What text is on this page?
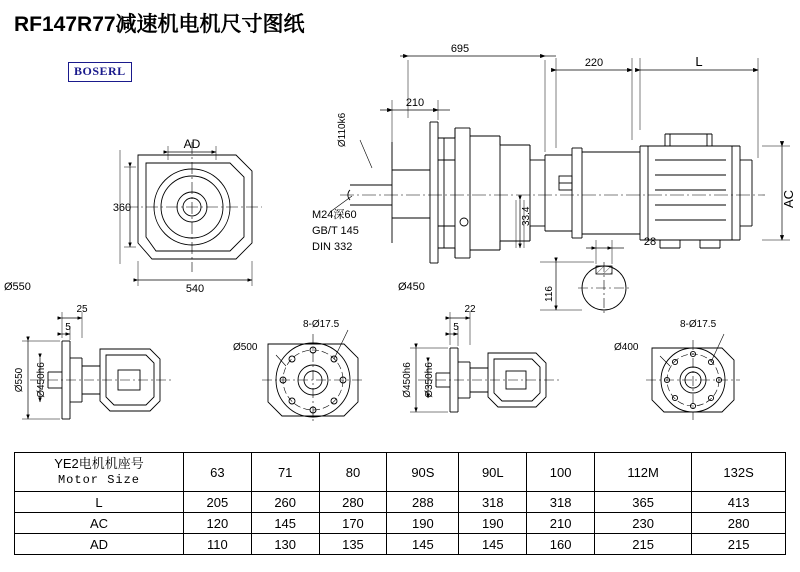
RF147R77减速机电机尺寸图纸
BOSERL
695
220	L
210
AD
360
540
AC
33.4
28
116
Ø110k6
M24深60
GB/T 145
DIN 332
Ø550	Ø450
25
5
22
5
Ø550 Ø450h6	Ø450h6 Ø350h6
Ø500	Ø400
8-Ø17.5	8-Ø17.5
YE2电机机座号
Motor Size	63	71	80	90S	90L	100	112M	132S
L	205	260	280	288	318	318	365	413
AC	120	145	170	190	190	210	230	280
AD	110	130	135	145	145	160	215	215
